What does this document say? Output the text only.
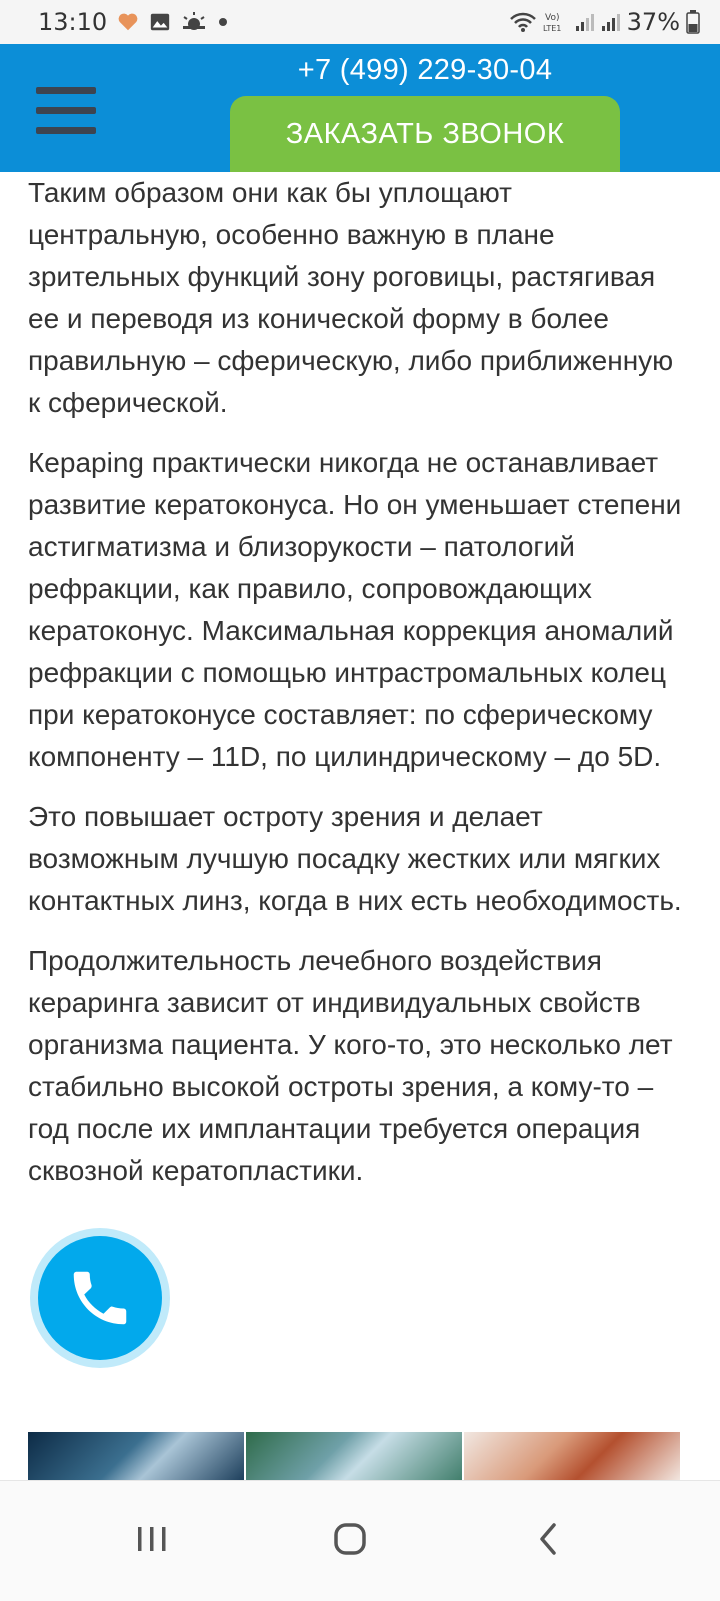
13:10	Vo)
LTE1	37%
+7 (499) 229-30-04
ЗАКАЗАТЬ ЗВОНОК

Таким образом они как бы уплощают центральную, особенно важную в плане зрительных функций зону роговицы, растягивая ее и переводя из конической форму в более правильную – сферическую, либо приближенную к сферической.

Керарing практически никогда не останавливает развитие кератоконуса. Но он уменьшает степени астигматизма и близорукости – патологий рефракции, как правило, сопровождающих кератоконус. Максимальная коррекция аномалий рефракции с помощью интрастромальных колец при кератоконусе составляет: по сферическому компоненту – 11D, по цилиндрическому – до 5D.

Это повышает остроту зрения и делает возможным лучшую посадку жестких или мягких контактных линз, когда в них есть необходимость.

Продолжительность лечебного воздействия кераринга зависит от индивидуальных свойств организма пациента. У кого-то, это несколько лет стабильно высокой остроты зрения, а кому-то – год после их имплантации требуется операция сквозной кератопластики.
